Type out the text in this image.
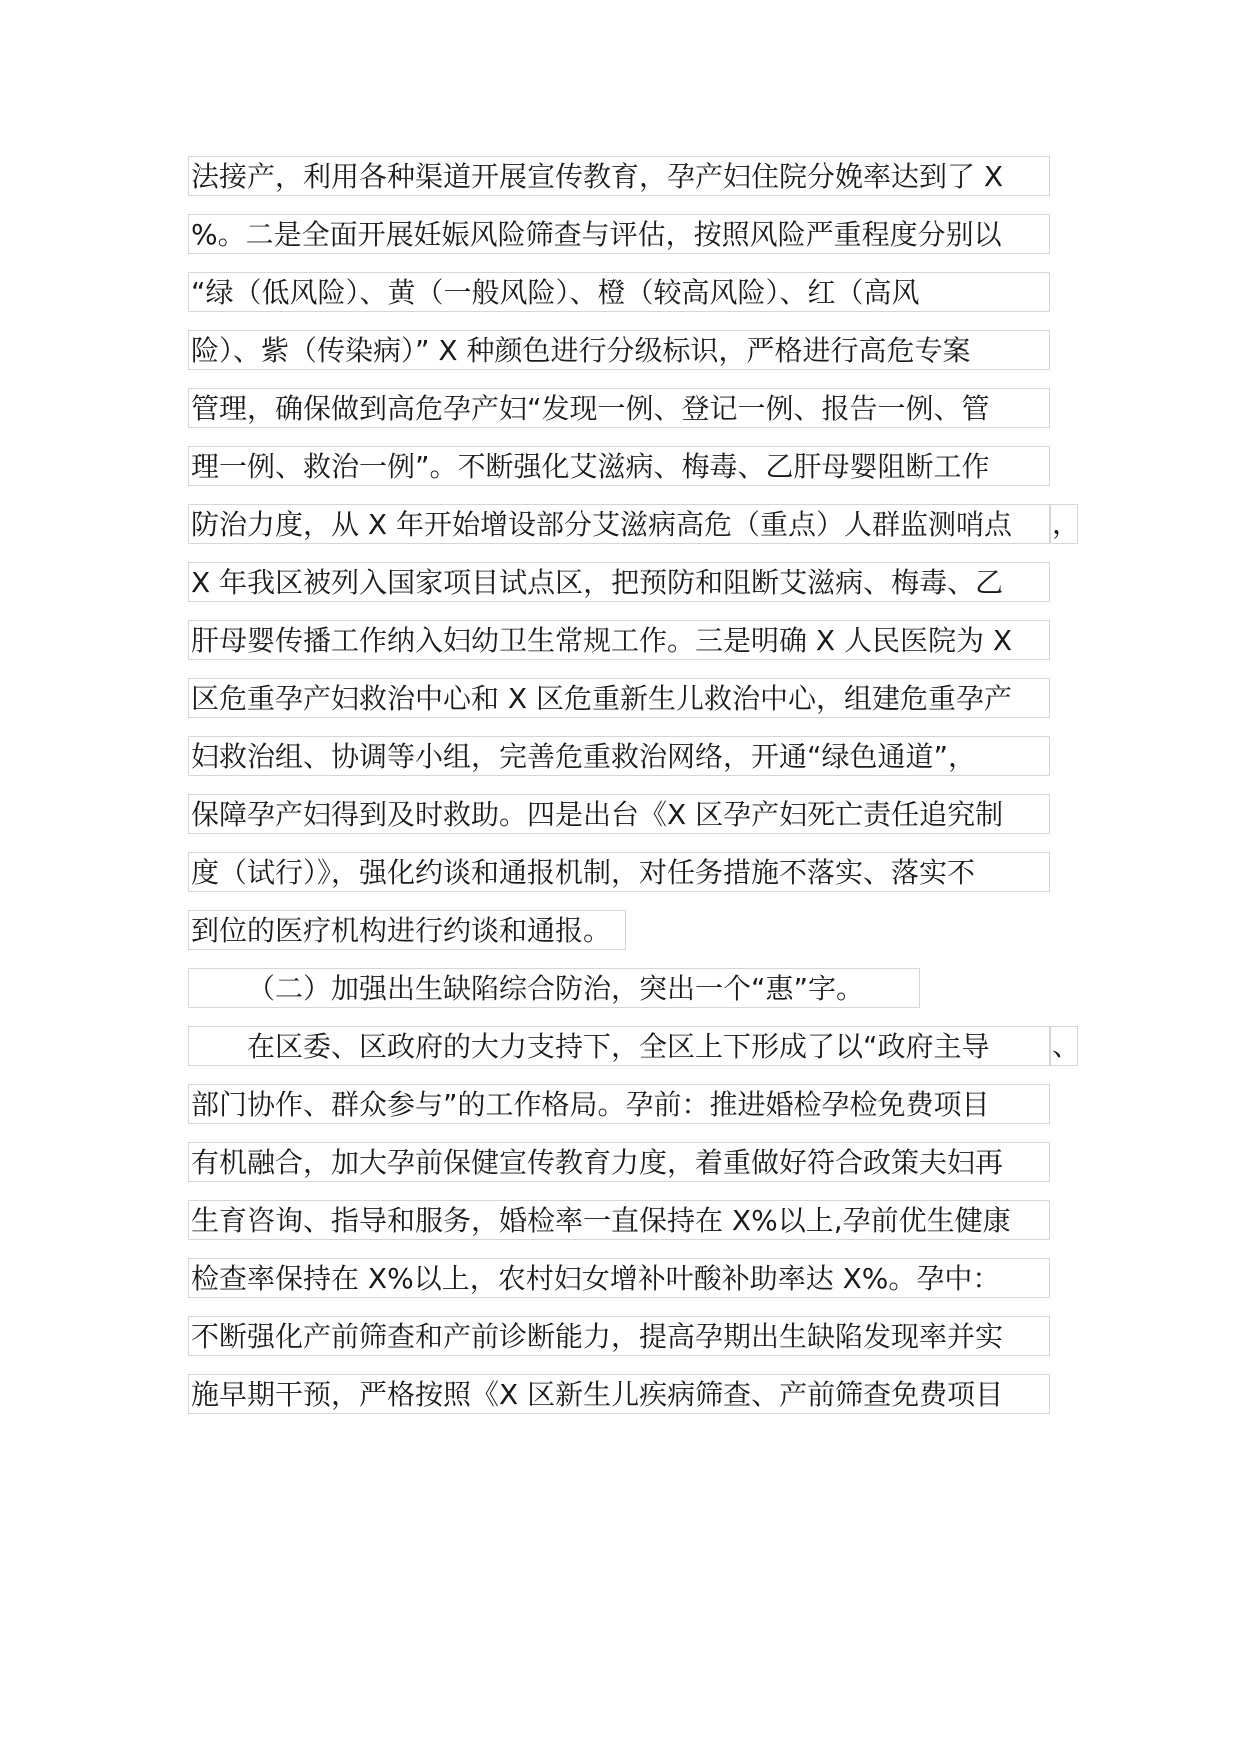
法接产，利用各种渠道开展宣传教育，孕产妇住院分娩率达到了 X
%。二是全面开展妊娠风险筛查与评估，按照风险严重程度分别以
“绿（低风险）、黄（一般风险）、橙（较高风险）、红（高风
险）、紫（传染病）” X 种颜色进行分级标识，严格进行高危专案
管理，确保做到高危孕产妇“发现一例、登记一例、报告一例、管
理一例、救治一例”。不断强化艾滋病、梅毒、乙肝母婴阻断工作
防治力度，从 X 年开始增设部分艾滋病高危（重点）人群监测哨点	，
X 年我区被列入国家项目试点区，把预防和阻断艾滋病、梅毒、乙
肝母婴传播工作纳入妇幼卫生常规工作。三是明确 X 人民医院为 X
区危重孕产妇救治中心和 X 区危重新生儿救治中心，组建危重孕产
妇救治组、协调等小组，完善危重救治网络，开通“绿色通道”，
保障孕产妇得到及时救助。四是出台《X 区孕产妇死亡责任追究制
度（试行）》，强化约谈和通报机制，对任务措施不落实、落实不
到位的医疗机构进行约谈和通报。
（二）加强出生缺陷综合防治，突出一个“惠”字。
在区委、区政府的大力支持下，全区上下形成了以“政府主导	、
部门协作、群众参与”的工作格局。孕前：推进婚检孕检免费项目
有机融合，加大孕前保健宣传教育力度，着重做好符合政策夫妇再
生育咨询、指导和服务，婚检率一直保持在 X%以上,孕前优生健康
检查率保持在 X%以上，农村妇女增补叶酸补助率达 X%。孕中：
不断强化产前筛查和产前诊断能力，提高孕期出生缺陷发现率并实
施早期干预，严格按照《X 区新生儿疾病筛查、产前筛查免费项目
